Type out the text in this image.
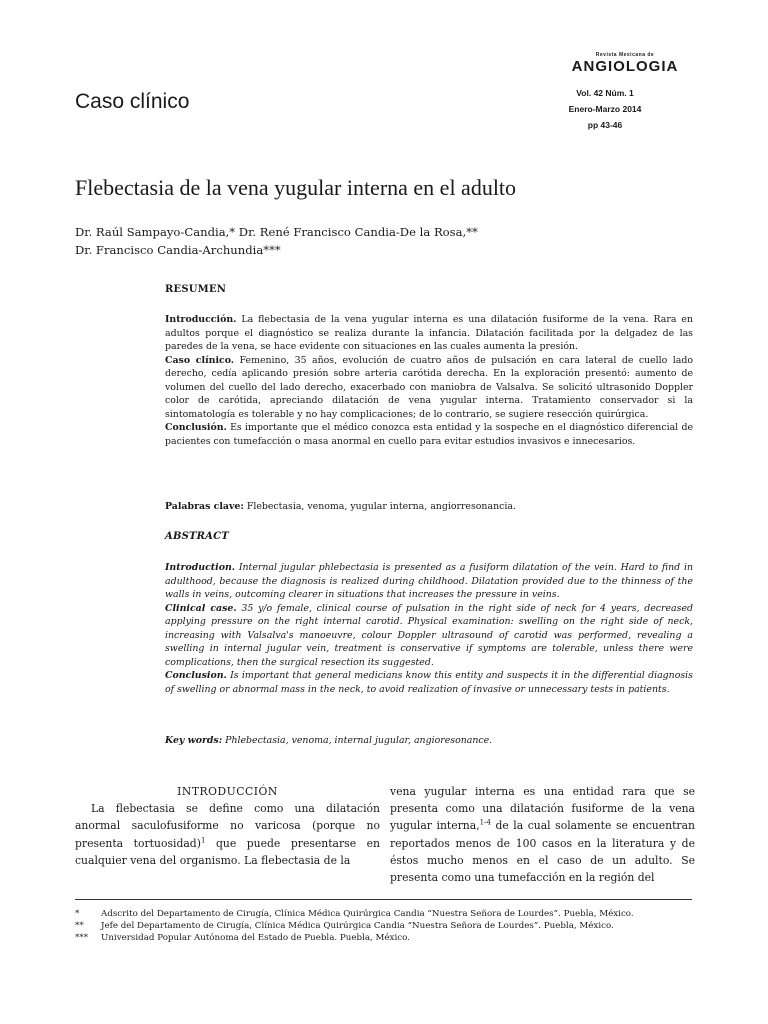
Revista Mexicana de
ANGIOLOGIA
Vol. 42 Núm. 1
Enero-Marzo 2014
pp 43-46
Caso clínico
Flebectasia de la vena yugular interna en el adulto
Dr. Raúl Sampayo-Candia,* Dr. René Francisco Candia-De la Rosa,**
Dr. Francisco Candia-Archundia***

RESUMEN

Introducción. La flebectasia de la vena yugular interna es una dilatación fusiforme de la vena. Rara en adultos porque el diagnóstico se realiza durante la infancia. Dilatación facilitada por la delgadez de las paredes de la vena, se hace evidente con situaciones en las cuales aumenta la presión.

Caso clínico. Femenino, 35 años, evolución de cuatro años de pulsación en cara lateral de cuello lado derecho, cedía aplicando presión sobre arteria carótida derecha. En la exploración presentó: aumento de volumen del cuello del lado derecho, exacerbado con maniobra de Valsalva. Se solicitó ultrasonido Doppler color de carótida, apreciando dilatación de vena yugular interna. Tratamiento conservador si la sintomatología es tolerable y no hay complicaciones; de lo contrario, se sugiere resección quirúrgica.

Conclusión. Es importante que el médico conozca esta entidad y la sospeche en el diagnóstico diferencial de pacientes con tumefacción o masa anormal en cuello para evitar estudios invasivos e innecesarios.

Palabras clave: Flebectasia, venoma, yugular interna, angiorresonancia.

ABSTRACT

Introduction. Internal jugular phlebectasia is presented as a fusiform dilatation of the vein. Hard to find in adulthood, because the diagnosis is realized during childhood. Dilatation provided due to the thinness of the walls in veins, outcoming clearer in situations that increases the pressure in veins.

Clinical case. 35 y/o female, clinical course of pulsation in the right side of neck for 4 years, decreased applying pressure on the right internal carotid. Physical examination: swelling on the right side of neck, increasing with Valsalva's manoeuvre, colour Doppler ultrasound of carotid was performed, revealing a swelling in internal jugular vein, treatment is conservative if symptoms are tolerable, unless there were complications, then the surgical resection its suggested.

Conclusion. Is important that general medicians know this entity and suspects it in the differential diagnosis of swelling or abnormal mass in the neck, to avoid realization of invasive or unnecessary tests in patients.

Key words: Phlebectasia, venoma, internal jugular, angioresonance.

INTRODUCCIÓN

La flebectasia se define como una dilatación anormal saculofusiforme no varicosa (porque no presenta tortuosidad)$^1$ que puede presentarse en cualquier vena del organismo. La flebectasia de la

vena yugular interna es una entidad rara que se presenta como una dilatación fusiforme de la vena yugular interna,$^{1-4}$ de la cual solamente se encuentran reportados menos de 100 casos en la literatura y de éstos mucho menos en el caso de un adulto. Se presenta como una tumefacción en la región del

*	Adscrito del Departamento de Cirugía, Clínica Médica Quirúrgica Candia “Nuestra Señora de Lourdes”. Puebla, México.
**	Jefe del Departamento de Cirugía, Clínica Médica Quirúrgica Candia “Nuestra Señora de Lourdes”. Puebla, México.
***	Universidad Popular Autónoma del Estado de Puebla. Puebla, México.
